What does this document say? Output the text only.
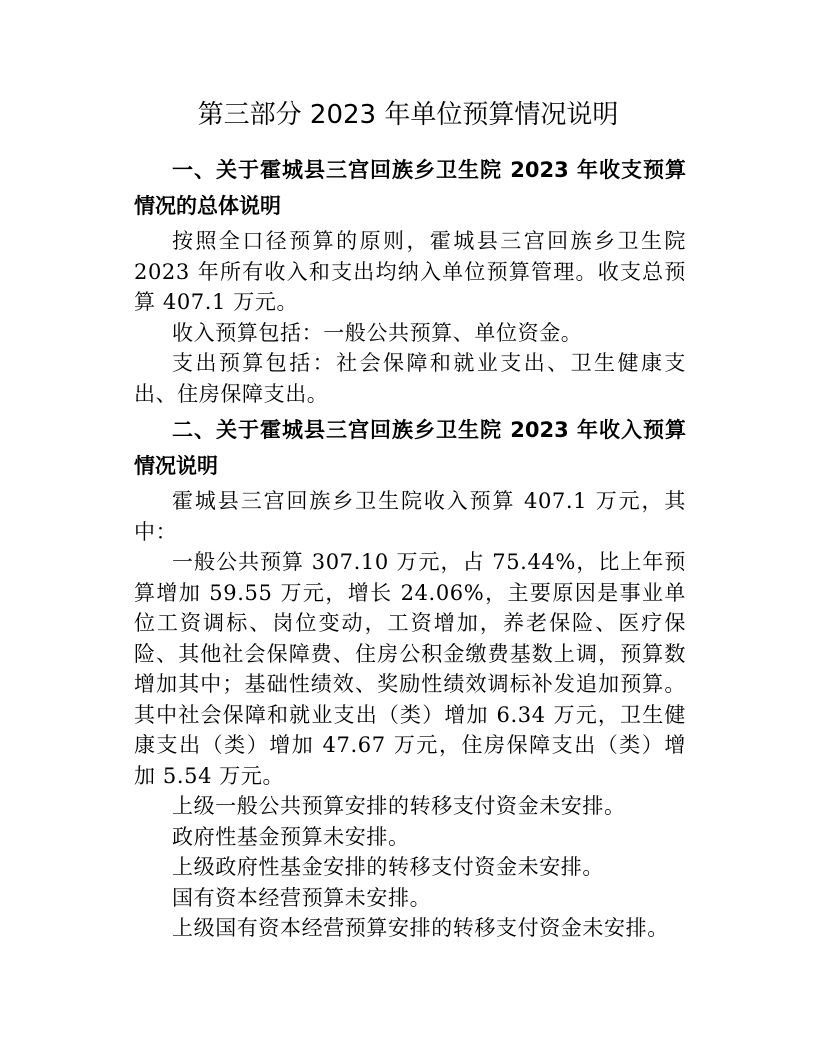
第三部分 2023 年单位预算情况说明
一、关于霍城县三宫回族乡卫生院 2023 年收支预算情况的总体说明

按照全口径预算的原则，霍城县三宫回族乡卫生院 2023 年所有收入和支出均纳入单位预算管理。收支总预算 407.1 万元。

收入预算包括：一般公共预算、单位资金。

支出预算包括：社会保障和就业支出、卫生健康支出、住房保障支出。

二、关于霍城县三宫回族乡卫生院 2023 年收入预算情况说明

霍城县三宫回族乡卫生院收入预算 407.1 万元，其中：

一般公共预算 307.10 万元，占 75.44%，比上年预算增加 59.55 万元，增长 24.06%，主要原因是事业单位工资调标、岗位变动，工资增加，养老保险、医疗保险、其他社会保障费、住房公积金缴费基数上调，预算数增加其中；基础性绩效、奖励性绩效调标补发追加预算。其中社会保障和就业支出（类）增加 6.34 万元，卫生健康支出（类）增加 47.67 万元，住房保障支出（类）增加 5.54 万元。

上级一般公共预算安排的转移支付资金未安排。

政府性基金预算未安排。

上级政府性基金安排的转移支付资金未安排。

国有资本经营预算未安排。

上级国有资本经营预算安排的转移支付资金未安排。
